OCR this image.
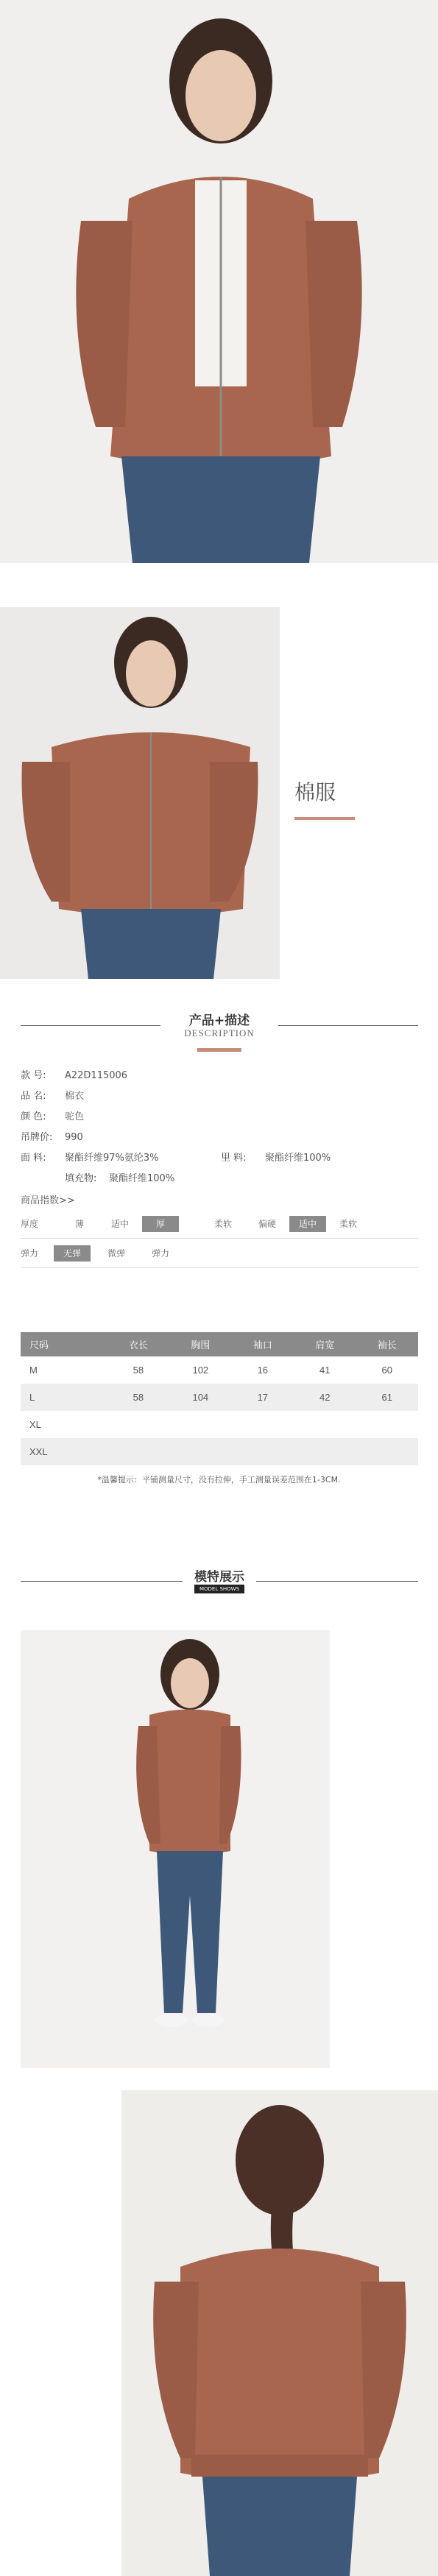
棉服
产品+描述
DESCRIPTION
款 号: A22D115006
品 名: 棉衣
颜 色: 驼色
吊牌价: 990
面 料: 聚酯纤维97%氨纶3%	里 料: 聚酯纤维100%
填充物: 聚酯纤维100%
商品指数>>
厚度	薄	适中	厚	柔软	偏硬	适中	柔软
弹力	无弹	微弹	弹力
尺码	衣长	胸围	袖口	肩宽	袖长
M	58	102	16	41	60
L	58	104	17	42	61
XL					
XXL					
*温馨提示：平铺测量尺寸，没有拉伸，手工测量误差范围在1-3CM.
模特展示
MODEL SHOWS
